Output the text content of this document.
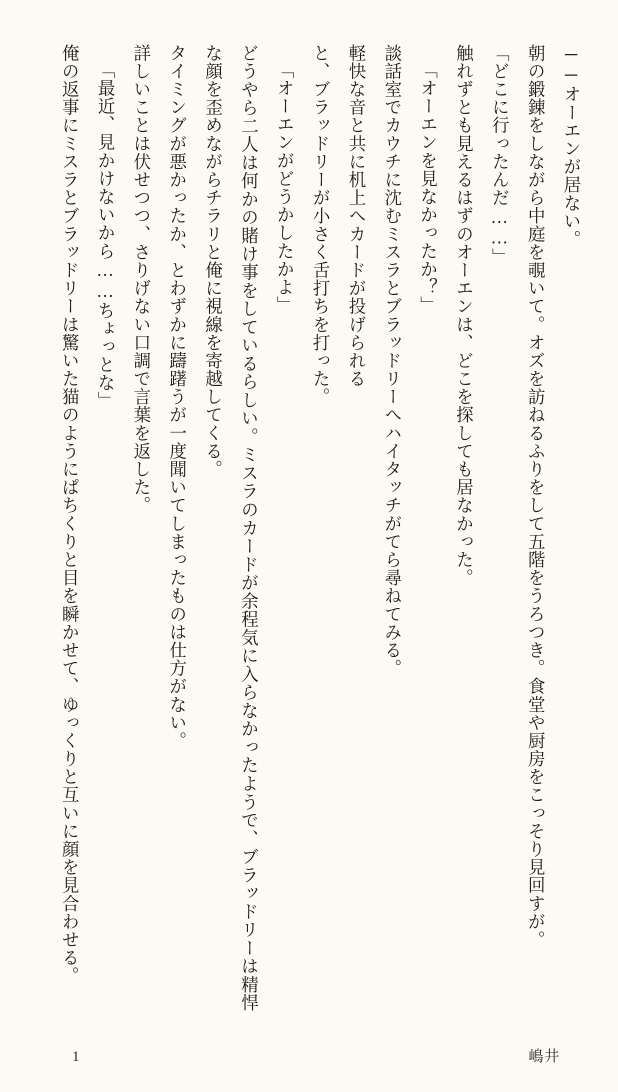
──オーエンが居ない。

朝の鍛錬をしながら中庭を覗いて。オズを訪ねるふりをして五階をうろつき。食堂や厨房をこっそり見回すが。

「どこに行ったんだ……」

触れずとも見えるはずのオーエンは、どこを探しても居なかった。

「オーエンを見なかったか？」

談話室でカウチに沈むミスラとブラッドリーへハイタッチがてら尋ねてみる。

軽快な音と共に机上へカードが投げられる

と、ブラッドリーが小さく舌打ちを打った。

「オーエンがどうかしたかよ」

どうやら二人は何かの賭け事をしているらしい。ミスラのカードが余程気に入らなかったようで、ブラッドリーは精悍な顔を歪めながらチラリと俺に視線を寄越してくる。

タイミングが悪かったか、とわずかに躊躇うが一度聞いてしまったものは仕方がない。

詳しいことは伏せつつ、さりげない口調で言葉を返した。

「最近、見かけないから……ちょっとな」

俺の返事にミスラとブラッドリーは驚いた猫のようにぱちくりと目を瞬かせて、ゆっくりと互いに顔を見合わせる。

1	嶋井
